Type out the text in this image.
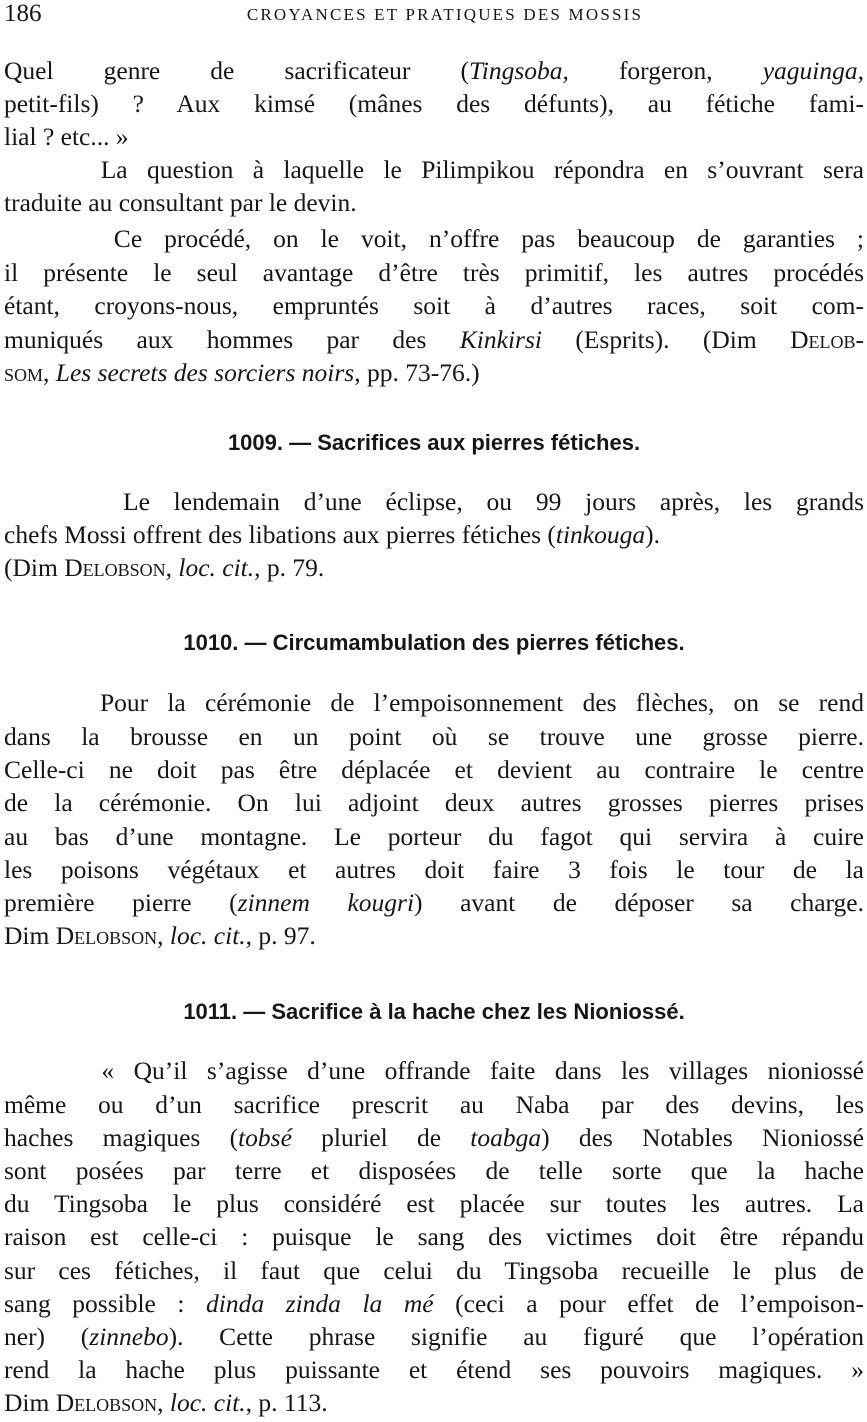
186	CROYANCES ET PRATIQUES DES MOSSIS
Quel genre de sacrificateur (Tingsoba, forgeron, yaguinga,
petit-fils) ? Aux kimsé (mânes des défunts), au fétiche fami-
lial ? etc... »
La question à laquelle le Pilimpikou répondra en s’ouvrant sera
traduite au consultant par le devin.
Ce procédé, on le voit, n’offre pas beaucoup de garanties ;
il présente le seul avantage d’être très primitif, les autres procédés
étant, croyons-nous, empruntés soit à d’autres races, soit com-
muniqués aux hommes par des Kinkirsi (Esprits). (Dim Delob-
som, Les secrets des sorciers noirs, pp. 73-76.)
1009. — Sacrifices aux pierres fétiches.
Le lendemain d’une éclipse, ou 99 jours après, les grands
chefs Mossi offrent des libations aux pierres fétiches (tinkouga).
(Dim Delobson, loc. cit., p. 79.
1010. — Circumambulation des pierres fétiches.
Pour la cérémonie de l’empoisonnement des flèches, on se rend
dans la brousse en un point où se trouve une grosse pierre.
Celle-ci ne doit pas être déplacée et devient au contraire le centre
de la cérémonie. On lui adjoint deux autres grosses pierres prises
au bas d’une montagne. Le porteur du fagot qui servira à cuire
les poisons végétaux et autres doit faire 3 fois le tour de la
première pierre (zinnem kougri) avant de déposer sa charge.
Dim Delobson, loc. cit., p. 97.
1011. — Sacrifice à la hache chez les Nioniossé.
« Qu’il s’agisse d’une offrande faite dans les villages nioniossé
même ou d’un sacrifice prescrit au Naba par des devins, les
haches magiques (tobsé pluriel de toabga) des Notables Nioniossé
sont posées par terre et disposées de telle sorte que la hache
du Tingsoba le plus considéré est placée sur toutes les autres. La
raison est celle-ci : puisque le sang des victimes doit être répandu
sur ces fétiches, il faut que celui du Tingsoba recueille le plus de
sang possible : dinda zinda la mé (ceci a pour effet de l’empoison-
ner) (zinnebo). Cette phrase signifie au figuré que l’opération
rend la hache plus puissante et étend ses pouvoirs magiques. »
Dim Delobson, loc. cit., p. 113.
